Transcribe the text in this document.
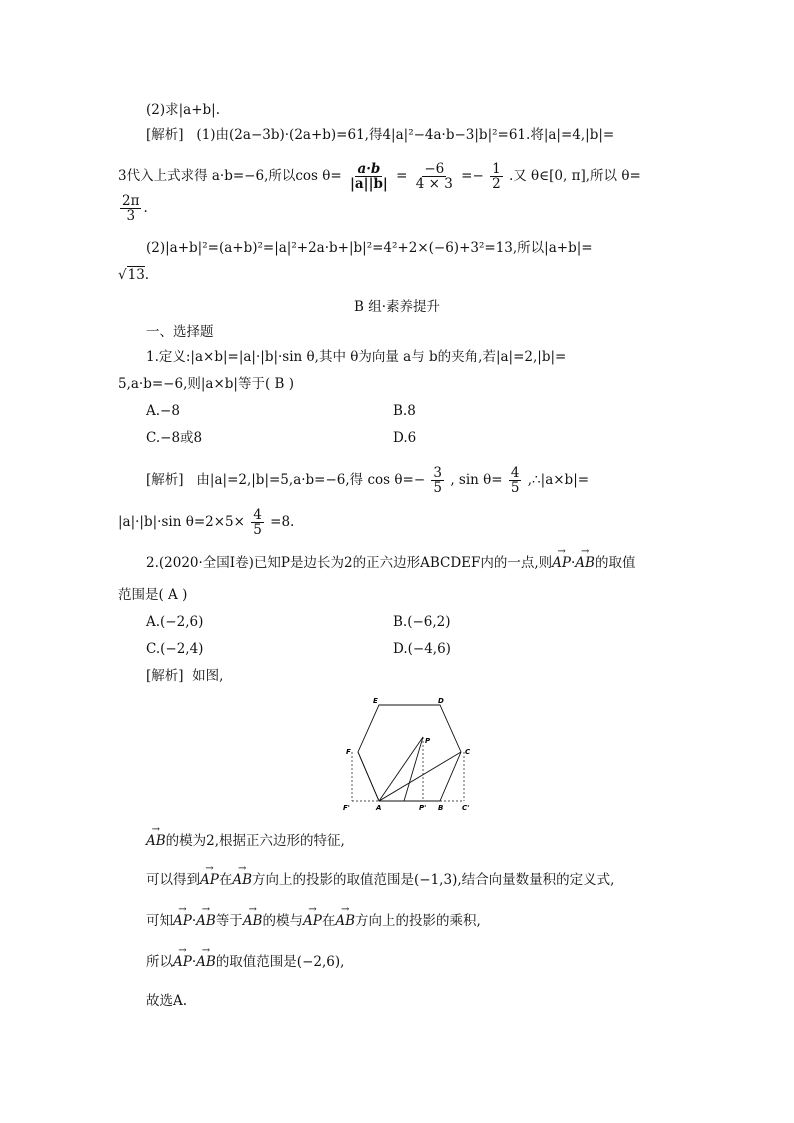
(2)求|a+b|.
[解析] (1)由(2a−3b)·(2a+b)=61,得4|a|²−4a·b−3|b|²=61.将|a|=4,|b|=
3代入上式求得 a·b=−6,所以$\cos \theta= \frac{a\cdot b}{|a||b|} = \frac{-6}{4 \times 3} =- \frac{1}{2}$ .又 θ∈[0, π],所以 θ=
$\frac{2\pi}{3}$ .
(2)|a+b|²=(a+b)²=|a|²+2a·b+|b|²=4²+2×(−6)+3²=13,所以|a+b|=
√13.
B 组·素养提升
一、选择题
1.定义:|a×b|=|a|·|b|·sin θ,其中 θ为向量 a与 b的夹角,若|a|=2,|b|=
5,a·b=−6,则|a×b|等于( B )
A.−8	B.8
C.−8或8	D.6
[解析] 由|a|=2,|b|=5,a·b=−6,得 $\cos \theta=- \frac{3}{5}$ , $\sin \theta= \frac{4}{5}$ ,∴|a×b|=
|a|·|b|·sin $\theta=2\times 5\times \frac{4}{5} =8$.
2.(2020·全国Ⅰ卷)已知P是边长为2的正六边形ABCDEF内的一点,则→ AP·→ AB的取值
范围是( A )
A.(−2,6)	B.(−6,2)
C.(−2,4)	D.(−4,6)
[解析] 如图,
E	D
F	C
P
F'	A	P' B	C'
→ AB的模为2,根据正六边形的特征,
可以得到→ AP在→ AB方向上的投影的取值范围是(−1,3),结合向量数量积的定义式,
可知→ AP·→ AB等于→ AB的模与→ AP在→ AB方向上的投影的乘积,
所以→ AP·→ AB的取值范围是(−2,6),
故选A.
